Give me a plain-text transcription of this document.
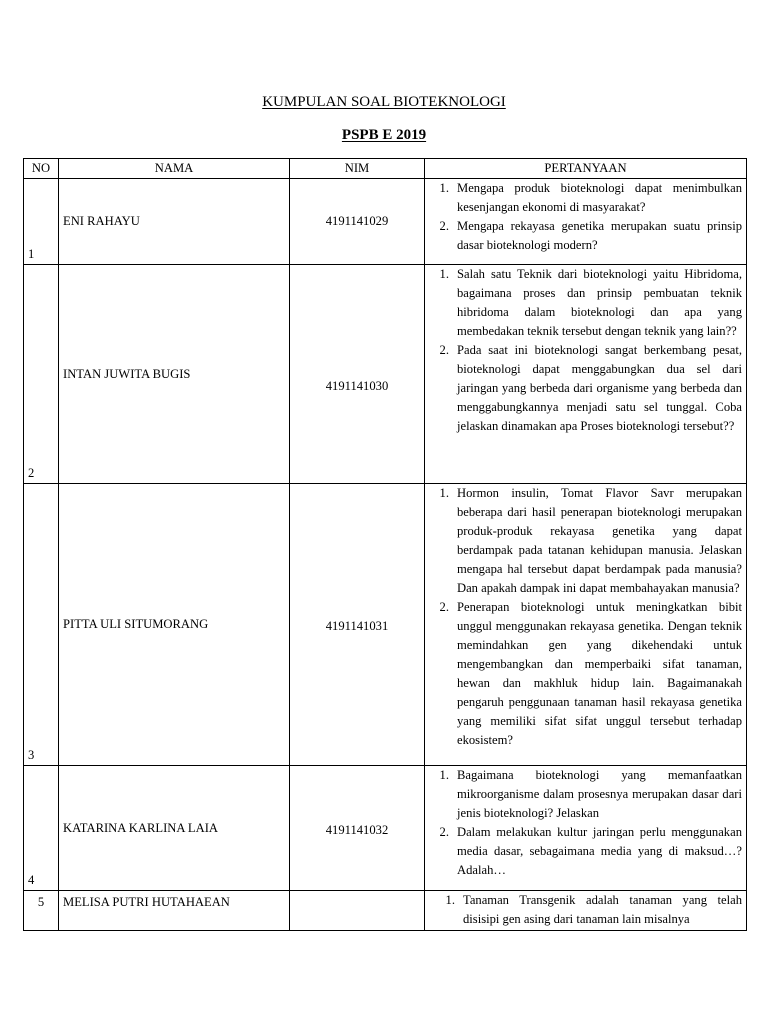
KUMPULAN SOAL BIOTEKNOLOGI
PSPB E 2019
NO	NAMA	NIM	PERTANYAAN
1	ENI RAHAYU	4191141029	1. Mengapa produk bioteknologi dapat menimbulkan kesenjangan ekonomi di masyarakat?
2. Mengapa rekayasa genetika merupakan suatu prinsip dasar bioteknologi modern?

2	INTAN JUWITA BUGIS	4191141030	1. Salah satu Teknik dari bioteknologi yaitu Hibridoma, bagaimana proses dan prinsip pembuatan teknik hibridoma dalam bioteknologi dan apa yang membedakan teknik tersebut dengan teknik yang lain??
2. Pada saat ini bioteknologi sangat berkembang pesat, bioteknologi dapat menggabungkan dua sel dari jaringan yang berbeda dari organisme yang berbeda dan menggabungkannya menjadi satu sel tunggal. Coba jelaskan dinamakan apa Proses bioteknologi tersebut??

3	PITTA ULI SITUMORANG	4191141031	1. Hormon insulin, Tomat Flavor Savr merupakan beberapa dari hasil penerapan bioteknologi merupakan produk-produk rekayasa genetika yang dapat berdampak pada tatanan kehidupan manusia. Jelaskan mengapa hal tersebut dapat berdampak pada manusia? Dan apakah dampak ini dapat membahayakan manusia?
2. Penerapan bioteknologi untuk meningkatkan bibit unggul menggunakan rekayasa genetika. Dengan teknik memindahkan gen yang dikehendaki untuk mengembangkan dan memperbaiki sifat tanaman, hewan dan makhluk hidup lain. Bagaimanakah pengaruh penggunaan tanaman hasil rekayasa genetika yang memiliki sifat sifat unggul tersebut terhadap ekosistem?

4	KATARINA KARLINA LAIA	4191141032	1. Bagaimana bioteknologi yang memanfaatkan mikroorganisme dalam prosesnya merupakan dasar dari jenis bioteknologi? Jelaskan
2. Dalam melakukan kultur jaringan perlu menggunakan media dasar, sebagaimana media yang di maksud…? Adalah…

5	MELISA PUTRI HUTAHAEAN		1. Tanaman Transgenik adalah tanaman yang telah disisipi gen asing dari tanaman lain misalnya
